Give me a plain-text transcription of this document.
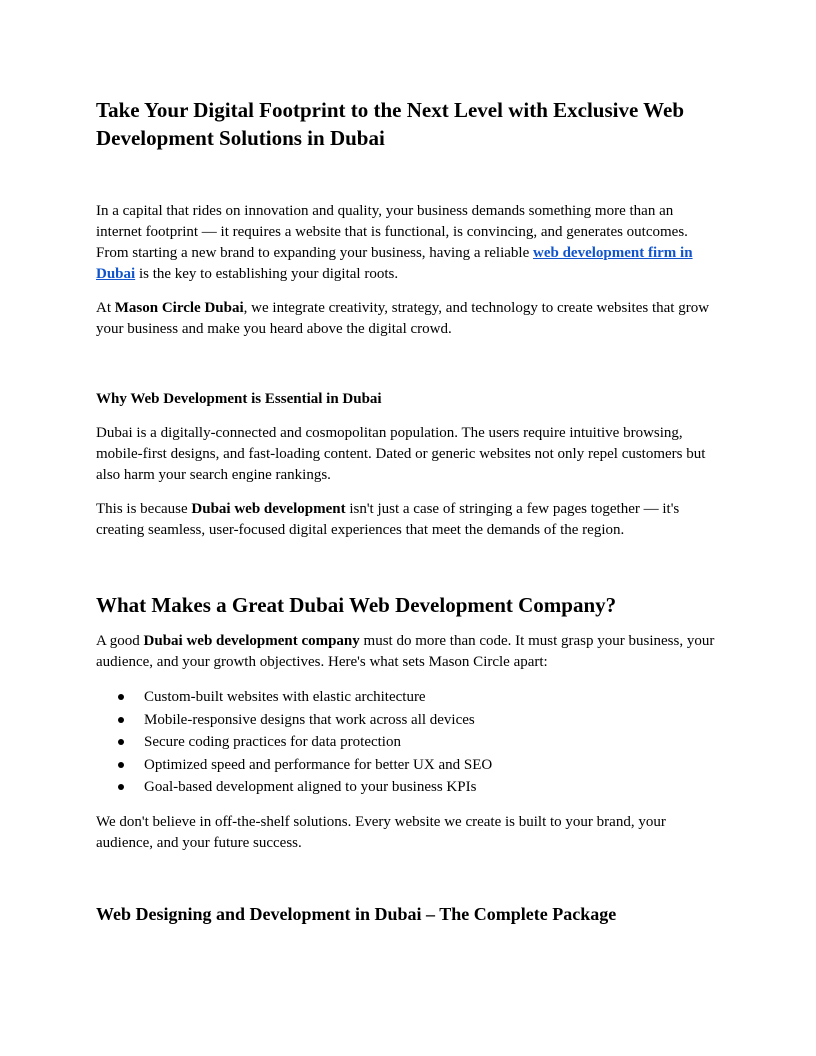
Take Your Digital Footprint to the Next Level with Exclusive Web Development Solutions in Dubai

In a capital that rides on innovation and quality, your business demands something more than an internet footprint — it requires a website that is functional, is convincing, and generates outcomes. From starting a new brand to expanding your business, having a reliable web development firm in Dubai is the key to establishing your digital roots.

At Mason Circle Dubai, we integrate creativity, strategy, and technology to create websites that grow your business and make you heard above the digital crowd.

Why Web Development is Essential in Dubai

Dubai is a digitally-connected and cosmopolitan population. The users require intuitive browsing, mobile-first designs, and fast-loading content. Dated or generic websites not only repel customers but also harm your search engine rankings.

This is because Dubai web development isn't just a case of stringing a few pages together — it's creating seamless, user-focused digital experiences that meet the demands of the region.

What Makes a Great Dubai Web Development Company?

A good Dubai web development company must do more than code. It must grasp your business, your audience, and your growth objectives. Here's what sets Mason Circle apart:

Custom-built websites with elastic architecture
Mobile-responsive designs that work across all devices
Secure coding practices for data protection
Optimized speed and performance for better UX and SEO
Goal-based development aligned to your business KPIs

We don't believe in off-the-shelf solutions. Every website we create is built to your brand, your audience, and your future success.

Web Designing and Development in Dubai – The Complete Package
